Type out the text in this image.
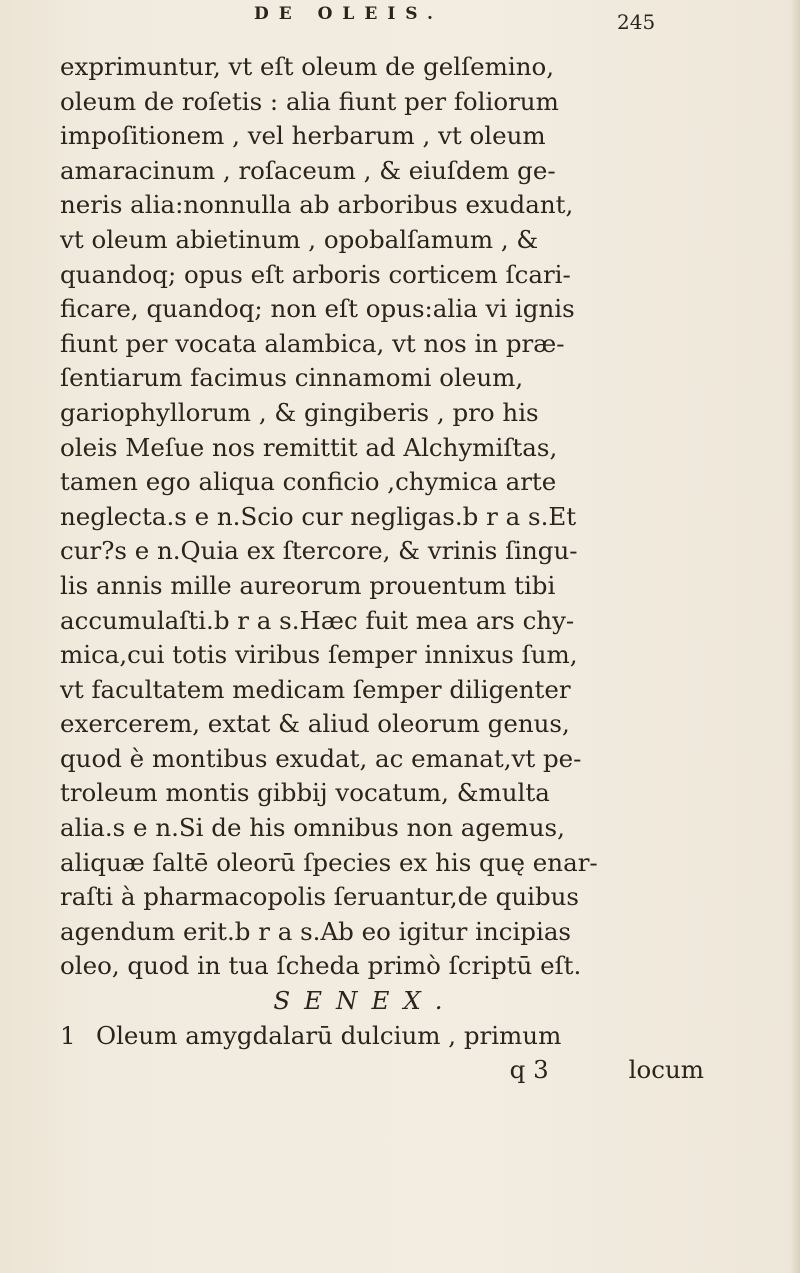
DE OLEIS.	245
exprimuntur, vt eſt oleum de gelſemino,
oleum de roſetis : alia fiunt per foliorum
impoſitionem , vel herbarum , vt oleum
amaracinum , roſaceum , & eiuſdem ge-
neris alia:nonnulla ab arboribus exudant,
vt oleum abietinum , opobalſamum , &
quandoq; opus eſt arboris corticem ſcari-
ficare, quandoq; non eſt opus:alia vi ignis
fiunt per vocata alambica, vt nos in præ-
ſentiarum facimus cinnamomi oleum,
gariophyllorum , & gingiberis , pro his
oleis Meſue nos remittit ad Alchymiſtas,
tamen ego aliqua conficio ,chymica arte
neglecta.s e n.Scio cur negligas.b r a s.Et
cur?s e n.Quia ex ſtercore, & vrinis ſingu-
lis annis mille aureorum prouentum tibi
accumulaſti.b r a s.Hæc fuit mea ars chy-
mica,cui totis viribus ſemper innixus ſum,
vt facultatem medicam ſemper diligenter
exercerem, extat & aliud oleorum genus,
quod è montibus exudat, ac emanat,vt pe-
troleum montis gibbij vocatum, &multa
alia.s e n.Si de his omnibus non agemus,
aliquæ ſaltē oleorū ſpecies ex his quę enar-
raſti à pharmacopolis ſeruantur,de quibus
agendum erit.b r a s.Ab eo igitur incipias
oleo, quod in tua ſcheda primò ſcriptū eſt.
SENEX.
1 Oleum amygdalarū dulcium , primum
q 3	locum
